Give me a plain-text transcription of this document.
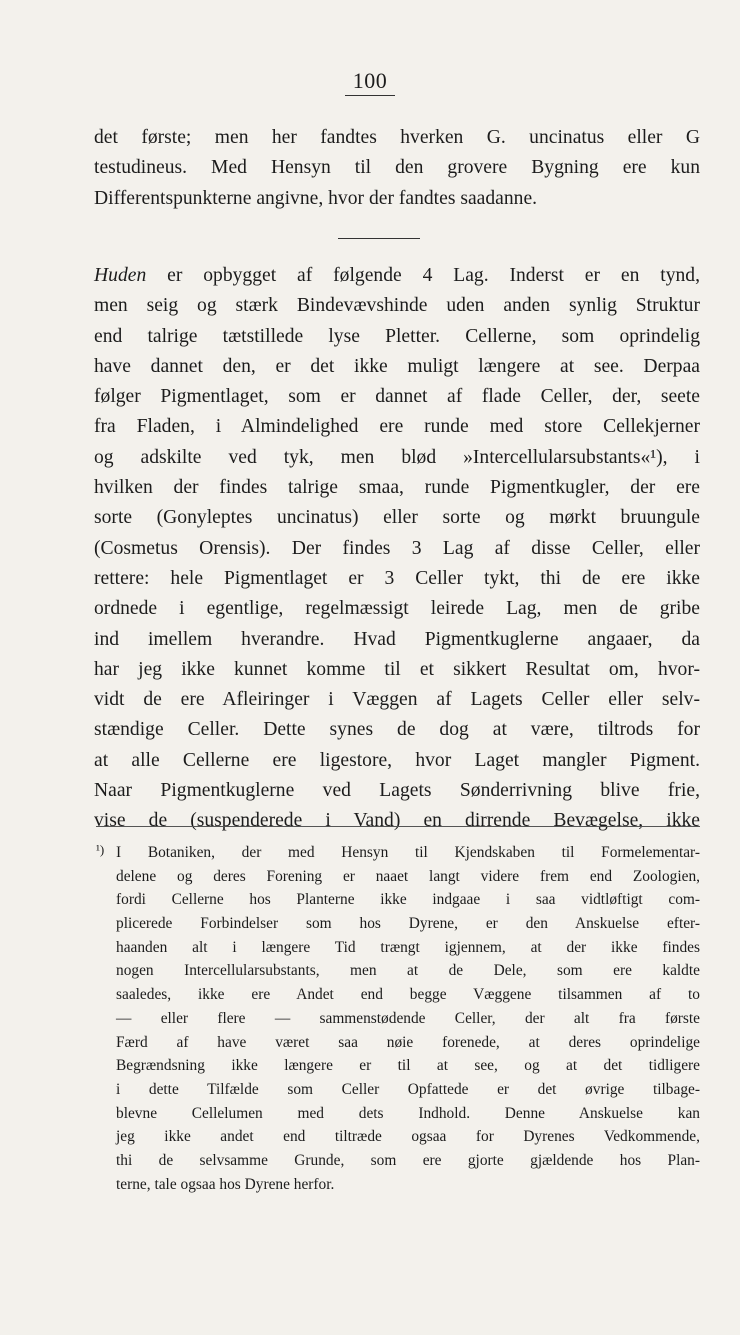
100
det første; men her fandtes hverken G. uncinatus eller G
testudineus. Med Hensyn til den grovere Bygning ere kun
Differentspunkterne angivne, hvor der fandtes saadanne.
Huden er opbygget af følgende 4 Lag. Inderst er en tynd,
men seig og stærk Bindevævshinde uden anden synlig Struktur
end talrige tætstillede lyse Pletter. Cellerne, som oprindelig
have dannet den, er det ikke muligt længere at see. Derpaa
følger Pigmentlaget, som er dannet af flade Celler, der, seete
fra Fladen, i Almindelighed ere runde med store Cellekjerner
og adskilte ved tyk, men blød »Intercellularsubstants«¹), i
hvilken der findes talrige smaa, runde Pigmentkugler, der ere
sorte (Gonyleptes uncinatus) eller sorte og mørkt bruungule
(Cosmetus Orensis). Der findes 3 Lag af disse Celler, eller
rettere: hele Pigmentlaget er 3 Celler tykt, thi de ere ikke
ordnede i egentlige, regelmæssigt leirede Lag, men de gribe
ind imellem hverandre. Hvad Pigmentkuglerne angaaer, da
har jeg ikke kunnet komme til et sikkert Resultat om, hvor-
vidt de ere Afleiringer i Væggen af Lagets Celler eller selv-
stændige Celler. Dette synes de dog at være, tiltrods for
at alle Cellerne ere ligestore, hvor Laget mangler Pigment.
Naar Pigmentkuglerne ved Lagets Sønderrivning blive frie,
vise de (suspenderede i Vand) en dirrende Bevægelse, ikke
¹) I Botaniken, der med Hensyn til Kjendskaben til Formelementar-
delene og deres Forening er naaet langt videre frem end Zoologien,
fordi Cellerne hos Planterne ikke indgaae i saa vidtløftigt com-
plicerede Forbindelser som hos Dyrene, er den Anskuelse efter-
haanden alt i længere Tid trængt igjennem, at der ikke findes
nogen Intercellularsubstants, men at de Dele, som ere kaldte
saaledes, ikke ere Andet end begge Væggene tilsammen af to
— eller flere — sammenstødende Celler, der alt fra første
Færd af have været saa nøie forenede, at deres oprindelige
Begrændsning ikke længere er til at see, og at det tidligere
i dette Tilfælde som Celler Opfattede er det øvrige tilbage-
blevne Cellelumen med dets Indhold. Denne Anskuelse kan
jeg ikke andet end tiltræde ogsaa for Dyrenes Vedkommende,
thi de selvsamme Grunde, som ere gjorte gjældende hos Plan-
terne, tale ogsaa hos Dyrene herfor.
